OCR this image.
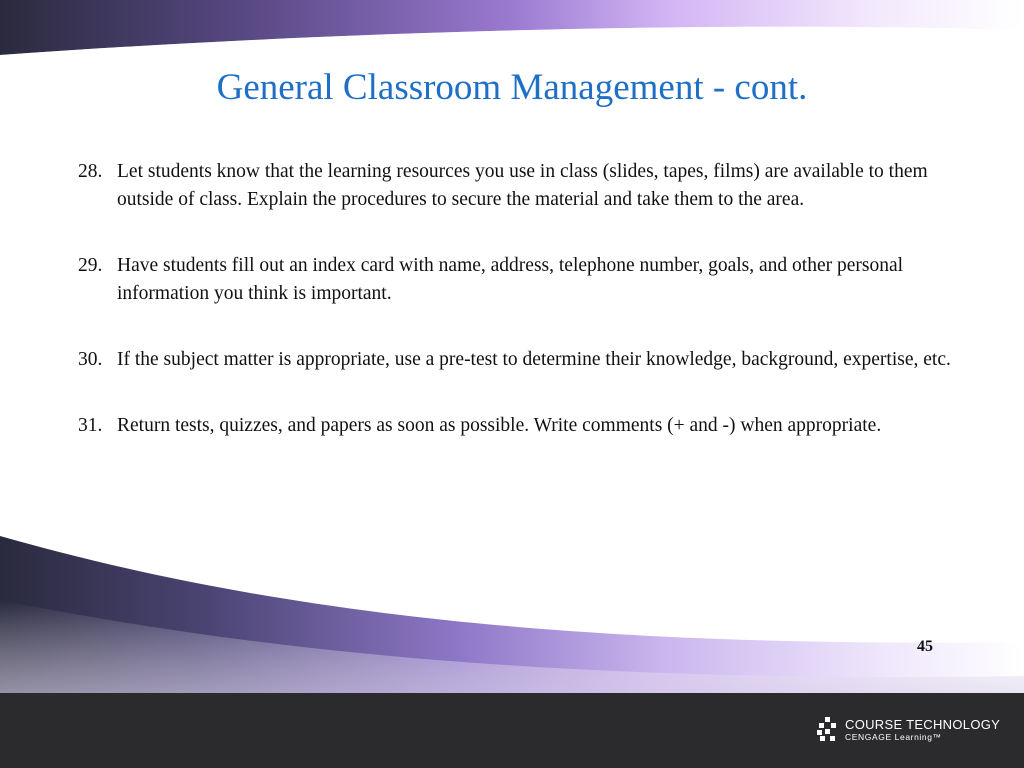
General Classroom Management - cont.
28. Let students know that the learning resources you use in class (slides, tapes, films) are available to them outside of class. Explain the procedures to secure the material and take them to the area.
29. Have students fill out an index card with name, address, telephone number, goals, and other personal information you think is important.
30. If the subject matter is appropriate, use a pre-test to determine their knowledge, background, expertise, etc.
31. Return tests, quizzes, and papers as soon as possible. Write comments (+ and -) when appropriate.
45
COURSE TECHNOLOGY
CENGAGE Learning™
